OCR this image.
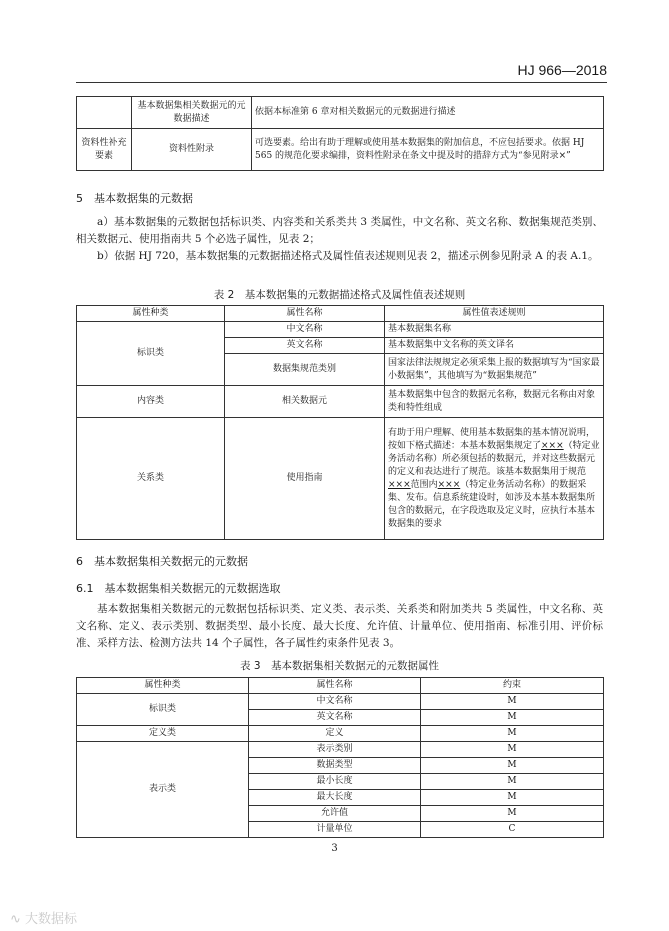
HJ 966—2018
	基本数据集相关数据元的元数据描述	依据本标准第 6 章对相关数据元的元数据进行描述
资料性补充要素	资料性附录	可选要素。给出有助于理解或使用基本数据集的附加信息，不应包括要求。依据 HJ 565 的规范化要求编排，资料性附录在条文中提及时的措辞方式为“参见附录×”
5　基本数据集的元数据

a）基本数据集的元数据包括标识类、内容类和关系类共 3 类属性，中文名称、英文名称、数据集规范类别、相关数据元、使用指南共 5 个必选子属性，见表 2；

b）依据 HJ 720，基本数据集的元数据描述格式及属性值表述规则见表 2，描述示例参见附录 A 的表 A.1。

表 2　基本数据集的元数据描述格式及属性值表述规则
属性种类	属性名称	属性值表述规则
标识类	中文名称	基本数据集名称
	英文名称	基本数据集中文名称的英文译名
	数据集规范类别	国家法律法规规定必须采集上报的数据填写为“国家最小数据集”，其他填写为“数据集规范”
内容类	相关数据元	基本数据集中包含的数据元名称，数据元名称由对象类和特性组成
关系类	使用指南	有助于用户理解、使用基本数据集的基本情况说明，按如下格式描述：本基本数据集规定了×××（特定业务活动名称）所必须包括的数据元，并对这些数据元的定义和表达进行了规范。该基本数据集用于规范×××范围内×××（特定业务活动名称）的数据采集、发布。信息系统建设时，如涉及本基本数据集所包含的数据元，在字段选取及定义时，应执行本基本数据集的要求
6　基本数据集相关数据元的元数据
6.1　基本数据集相关数据元的元数据选取

基本数据集相关数据元的元数据包括标识类、定义类、表示类、关系类和附加类共 5 类属性，中文名称、英文名称、定义、表示类别、数据类型、最小长度、最大长度、允许值、计量单位、使用指南、标准引用、评价标准、采样方法、检测方法共 14 个子属性，各子属性约束条件见表 3。

表 3　基本数据集相关数据元的元数据属性
属性种类	属性名称	约束
标识类	中文名称	M
	英文名称	M
定义类	定义	M
表示类	表示类别	M
	数据类型	M
	最小长度	M
	最大长度	M
	允许值	M
	计量单位	C
3
∿ 大数据标
